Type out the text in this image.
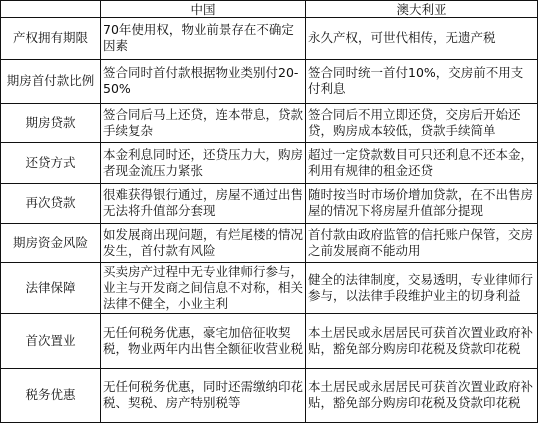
	中国	澳大利亚
产权拥有期限	70年使用权，物业前景存在不确定因素	永久产权，可世代相传，无遗产税
期房首付款比例	签合同时首付款根据物业类别付20-50%	签合同时统一首付10%，交房前不用支付利息
期房贷款	签合同后马上还贷，连本带息，贷款手续复杂	签合同后不用立即还贷，交房后开始还贷，购房成本较低，贷款手续简单
还贷方式	本金利息同时还，还贷压力大，购房者现金流压力紧张	超过一定贷款数目可只还利息不还本金，利用有规律的租金还贷
再次贷款	很难获得银行通过，房屋不通过出售无法将升值部分套现	随时按当时市场价增加贷款，在不出售房屋的情况下将房屋升值部分提现
期房资金风险	如发展商出现问题，有烂尾楼的情况发生，首付款有风险	首付款由政府监管的信托账户保管，交房之前发展商不能动用
法律保障	买卖房产过程中无专业律师行参与，业主与开发商之间信息不对称，相关法律不健全，小业主利	健全的法律制度，交易透明，专业律师行参与，以法律手段维护业主的切身利益
首次置业	无任何税务优惠，豪宅加倍征收契税，物业两年内出售全额征收营业税	本土居民或永居居民可获首次置业政府补贴，豁免部分购房印花税及贷款印花税
税务优惠	无任何税务优惠，同时还需缴纳印花税、契税、房产特别税等	本土居民或永居居民可获首次置业政府补贴，豁免部分购房印花税及贷款印花税
